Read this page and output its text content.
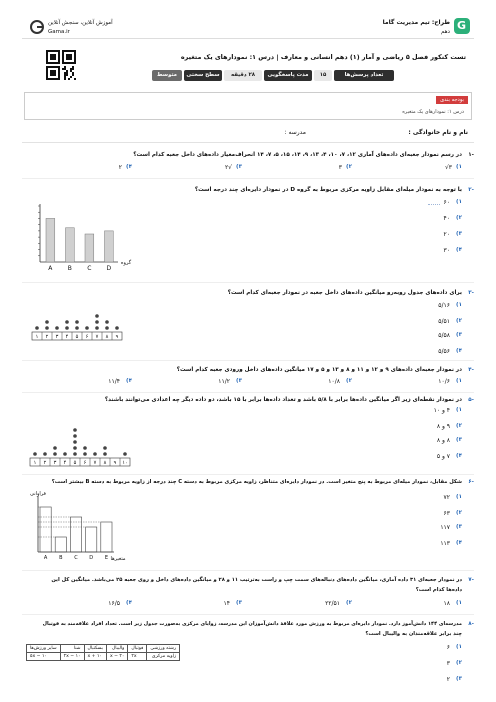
G
طراح: تیم مدیریت گاما
دهم
آموزش آنلاین، سنجش آنلاین
Gama.ir
تست کنکور فصل ۵ ریاضی و آمار (۱) دهم انسانی و معارف | درس ۱: نمودارهای یک متغیره
تعداد پرسش‌ها
۱۵
مدت پاسخگویی
۲۸ دقیقه
سطح سختی
متوسط
بودجه بندی
درس ۱: نمودارهای یک متغیره
نام و نام خانوادگی :
مدرسه :
-۱
در رسم نمودار جعبه‌ای داده‌های آماری ۱۲، ۷، ۱۰، ۴، ۱۳، ۹، ۱۴، ۱۵، ۵، ۷، ۱۴ انحراف‌معیار داده‌های داخل جعبه کدام است؟
۱)
۳√
۲)
۳
۳)
۲√
۴)
۲
-۲
با توجه به نمودار میله‌ای مقابل زاویه مرکزی مربوط به گروه D در نمودار دایره‌ای چند درجه است؟
۱)
۶۰
۲)
۴۰
۳)
۲۰
۴)
۳۰
A	B	C	D
گروه
-۳
برای داده‌های جدول روبه‌رو میانگین داده‌های داخل جعبه در نمودار جعبه‌ای کدام است؟
۱)
۵/۱۶
۲)
۵/۵۱
۳)
۵/۵۸
۴)
۵/۵۶
۱ ۲ ۳ ۴ ۵ ۶ ۷ ۸ ۹
-۴
در نمودار جعبه‌ای داده‌های ۹ و ۱۲ و ۱۱ و ۸ و ۱۳ و ۵ و ۱۷ میانگین داده‌های داخل ورودی جعبه کدام است؟
۱)
۱۰/۶
۲)
۱۰/۸
۳)
۱۱/۲
۴)
۱۱/۴
-۵
در نمودار نقطه‌ای زیر اگر میانگین داده‌ها برابر با ۵/۸ باشد و تعداد داده‌ها برابر با ۱۵ باشد، دو داده دیگر چه اعدادی می‌توانند باشند؟
۱)
۴ و ۱۰
۲)
۹ و ۸
۳)
۸ و ۸
۴)
۷ و ۵
۱ ۲ ۳ ۴ ۵ ۶ ۷ ۸ ۹ ۱۰
-۶
شکل مقابل، نمودار میله‌ای مربوط به پنج متغیر است. در نمودار دایره‌ای متناظر، زاویه مرکزی مربوط به دسته C چند درجه از زاویه مربوط به دسته B بیشتر است؟
۱)
۷۲
۲)
۶۳
۳)
۱۱۷
۴)
۱۱۳
فراوانی
متغیرها
A B C D E
-۷
در نمودار جعبه‌ای ۳۱ داده آماری، میانگین داده‌های دنباله‌های سمت چپ و راست به‌ترتیب ۱۱ و ۲۸ و میانگین داده‌های داخل و روی جعبه ۲۵ می‌باشد. میانگین کل این
داده‌ها کدام است؟
۱)
۱۸
۲)
۲۲/۵۱
۳)
۱۴
۴)
۱۶/۵
-۸
مدرسه‌ای ۱۴۴ دانش‌آموز دارد. نمودار دایره‌ای مربوط به ورزش مورد علاقهٔ دانش‌آموزان این مدرسه، زوایای مرکزی به‌صورت جدول زیر است. تعداد افراد علاقه‌مند به فوتبال
چند برابر علاقه‌مندان به والیبال است؟
۱)
۶
۲)
۳
۳)
۲
رشته ورزشی	فوتبال	والیبال	بسکتبال	شنا	سایر ورزش‌ها
زاویه مرکزی	۲x	x − ۲۰	x + ۱۰	۲x − ۱۰	۵x − ۱۰
